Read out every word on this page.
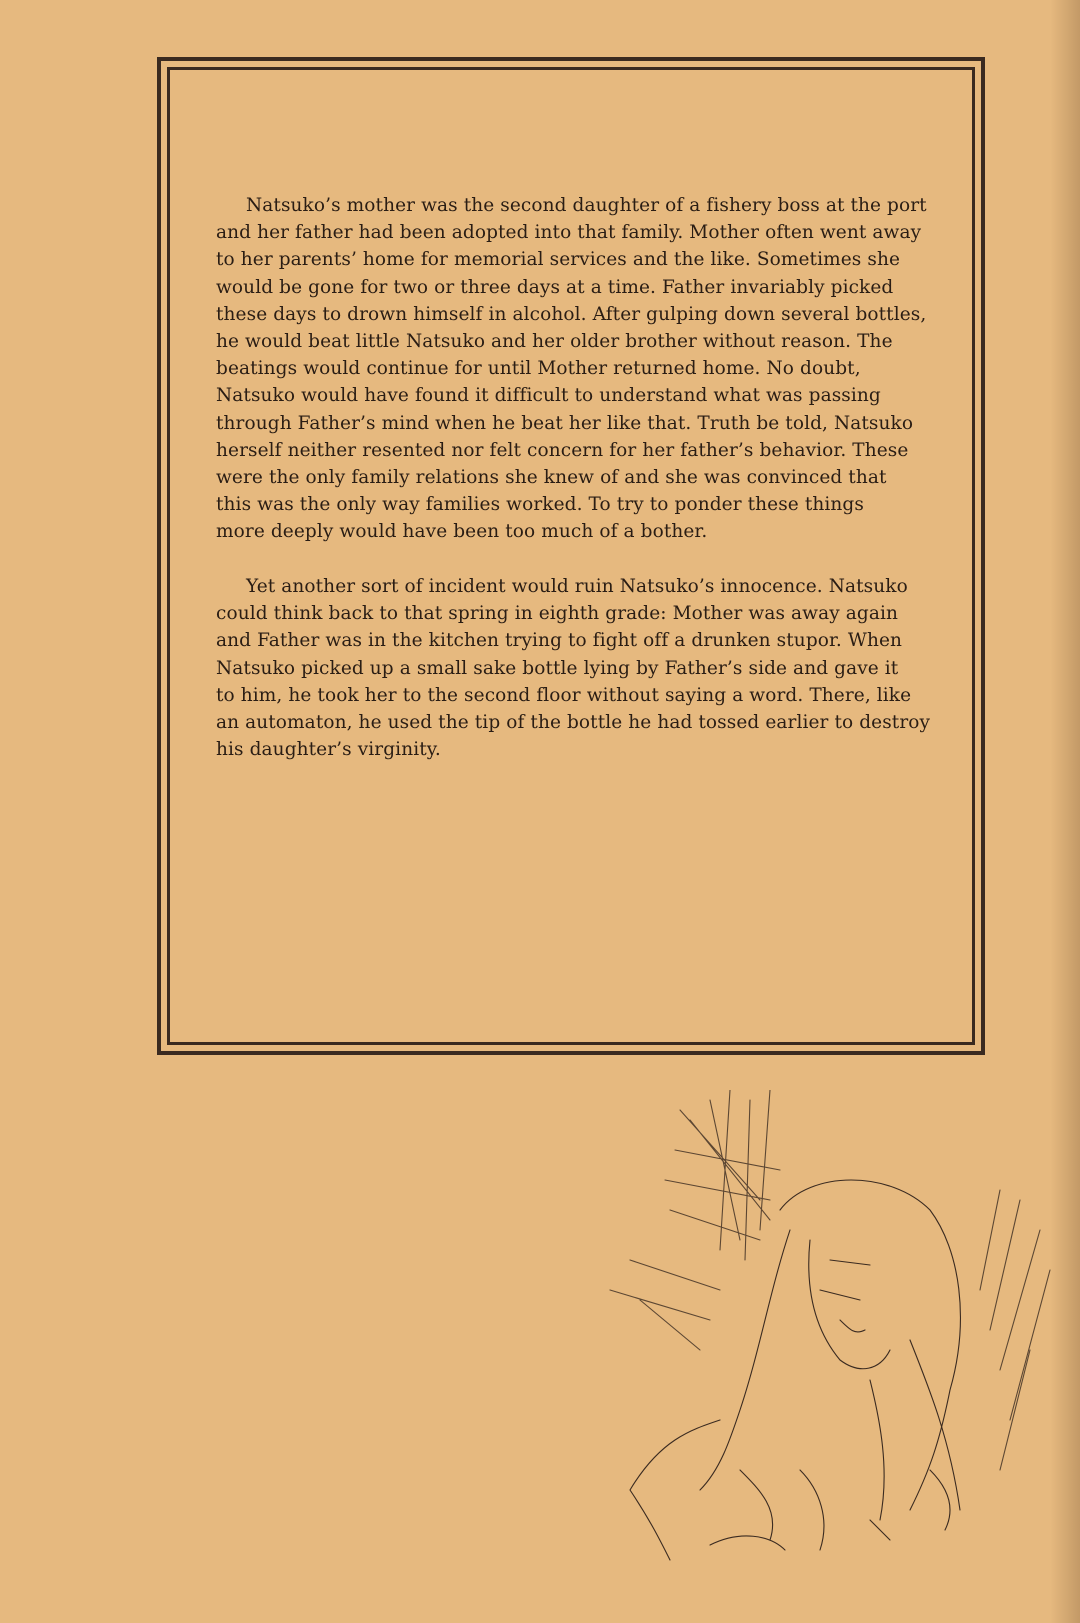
Natsuko’s mother was the second daughter of a fishery boss at the port
and her father had been adopted into that family. Mother often went away
to her parents’ home for memorial services and the like. Sometimes she
would be gone for two or three days at a time. Father invariably picked
these days to drown himself in alcohol. After gulping down several bottles,
he would beat little Natsuko and her older brother without reason. The
beatings would continue for until Mother returned home. No doubt,
Natsuko would have found it difficult to understand what was passing
through Father’s mind when he beat her like that. Truth be told, Natsuko
herself neither resented nor felt concern for her father’s behavior. These
were the only family relations she knew of and she was convinced that
this was the only way families worked. To try to ponder these things
more deeply would have been too much of a bother.
Yet another sort of incident would ruin Natsuko’s innocence. Natsuko
could think back to that spring in eighth grade: Mother was away again
and Father was in the kitchen trying to fight off a drunken stupor. When
Natsuko picked up a small sake bottle lying by Father’s side and gave it
to him, he took her to the second floor without saying a word. There, like
an automaton, he used the tip of the bottle he had tossed earlier to destroy
his daughter’s virginity.
